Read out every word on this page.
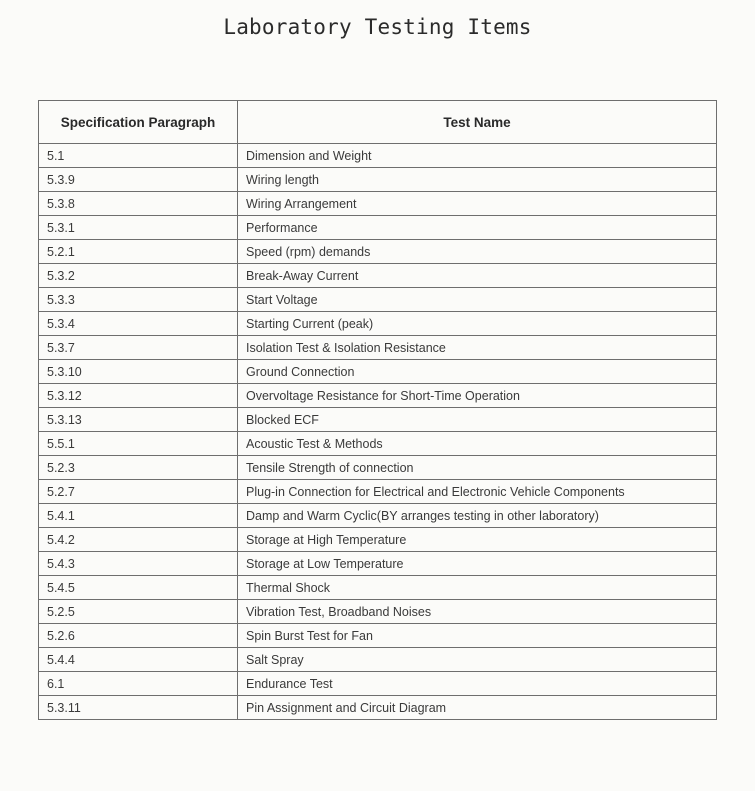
Laboratory Testing Items
Specification Paragraph	Test Name
5.1	Dimension and Weight
5.3.9	Wiring length
5.3.8	Wiring Arrangement
5.3.1	Performance
5.2.1	Speed (rpm) demands
5.3.2	Break-Away Current
5.3.3	Start Voltage
5.3.4	Starting Current (peak)
5.3.7	Isolation Test & Isolation Resistance
5.3.10	Ground Connection
5.3.12	Overvoltage Resistance for Short-Time Operation
5.3.13	Blocked ECF
5.5.1	Acoustic Test & Methods
5.2.3	Tensile Strength of connection
5.2.7	Plug-in Connection for Electrical and Electronic Vehicle Components
5.4.1	Damp and Warm Cyclic(BY arranges testing in other laboratory)
5.4.2	Storage at High Temperature
5.4.3	Storage at Low Temperature
5.4.5	Thermal Shock
5.2.5	Vibration Test, Broadband Noises
5.2.6	Spin Burst Test for Fan
5.4.4	Salt Spray
6.1	Endurance Test
5.3.11	Pin Assignment and Circuit Diagram
